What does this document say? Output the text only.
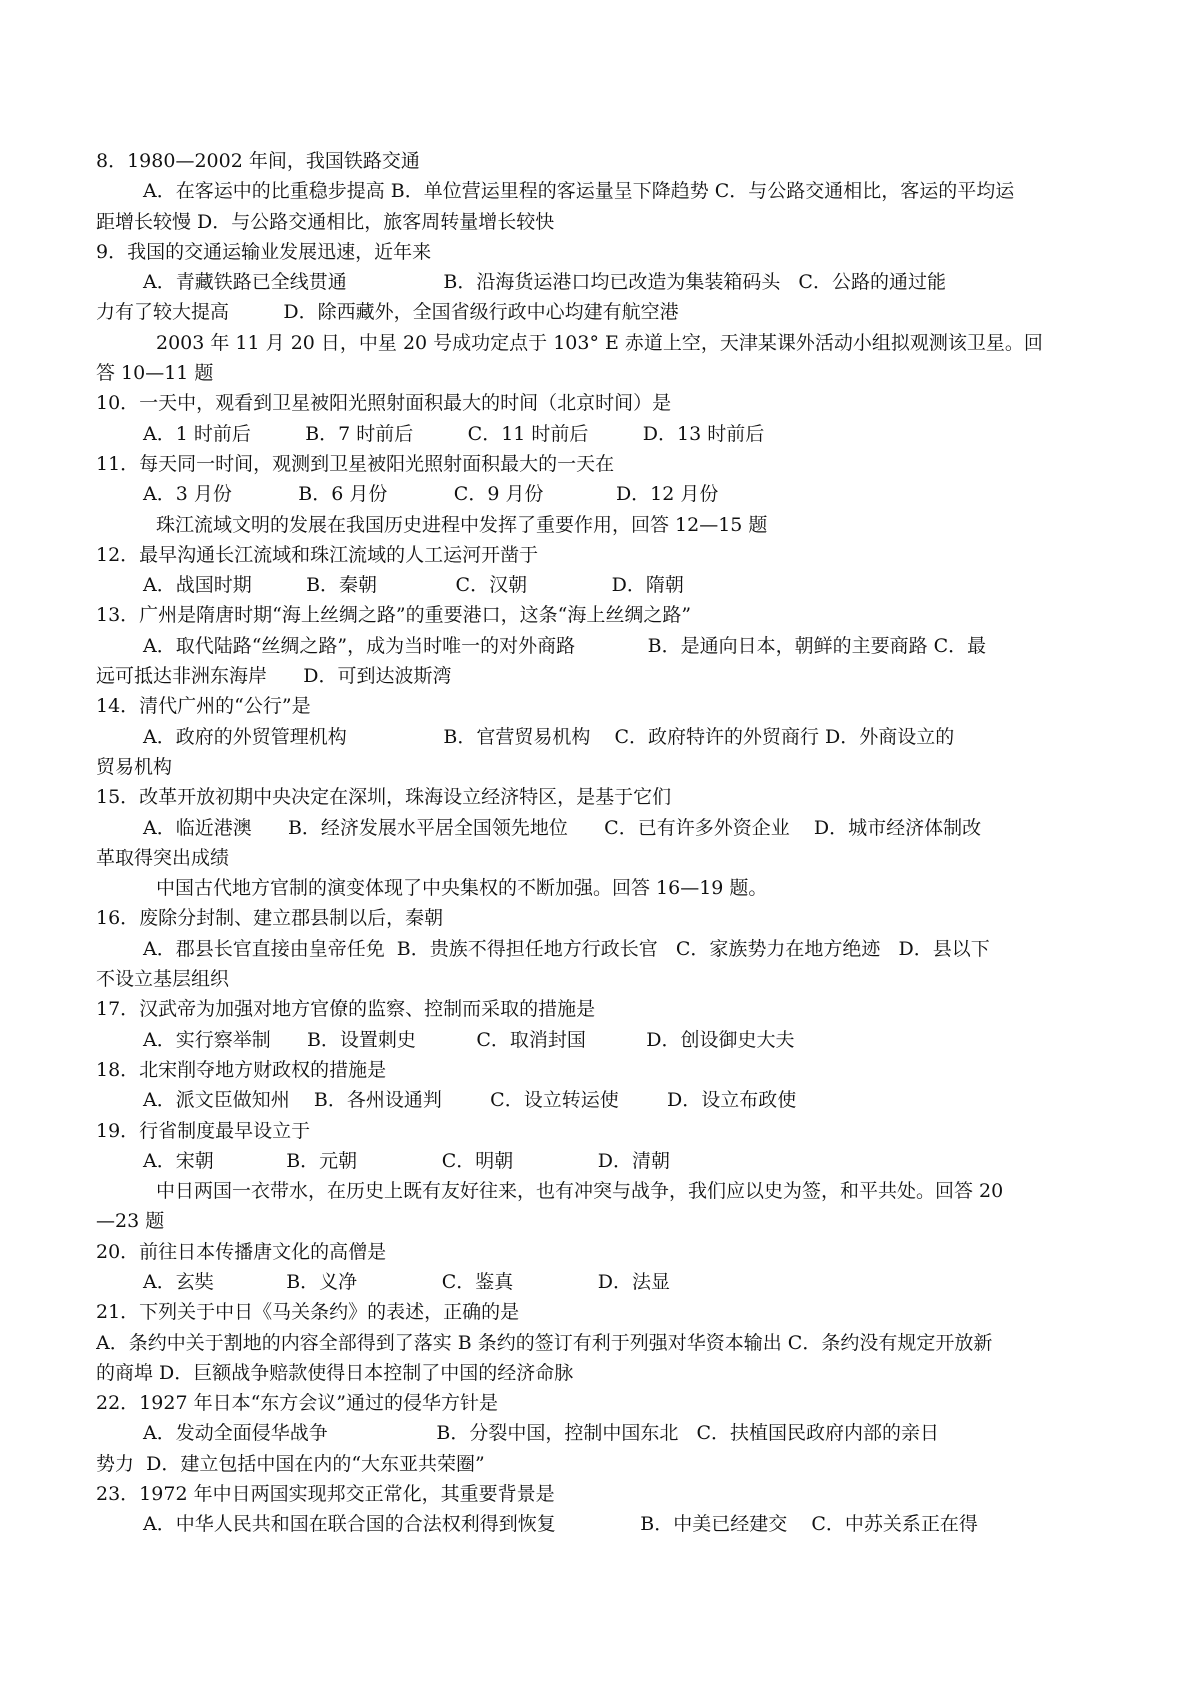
8．1980—2002 年间，我国铁路交通
A．在客运中的比重稳步提高 B．单位营运里程的客运量呈下降趋势 C．与公路交通相比，客运的平均运
距增长较慢 D．与公路交通相比，旅客周转量增长较快
9．我国的交通运输业发展迅速，近年来
A．青藏铁路已全线贯通                B．沿海货运港口均已改造为集装箱码头   C．公路的通过能
力有了较大提高         D．除西藏外，全国省级行政中心均建有航空港
2003 年 11 月 20 日，中星 20 号成功定点于 103° E 赤道上空，天津某课外活动小组拟观测该卫星。回
答 10—11 题
10．一天中，观看到卫星被阳光照射面积最大的时间（北京时间）是
A．1 时前后         B．7 时前后         C．11 时前后         D．13 时前后
11．每天同一时间，观测到卫星被阳光照射面积最大的一天在
A．3 月份           B．6 月份           C．9 月份            D．12 月份
珠江流域文明的发展在我国历史进程中发挥了重要作用，回答 12—15 题
12．最早沟通长江流域和珠江流域的人工运河开凿于
A．战国时期         B．秦朝             C．汉朝              D．隋朝
13．广州是隋唐时期“海上丝绸之路”的重要港口，这条“海上丝绸之路”
A．取代陆路“丝绸之路”，成为当时唯一的对外商路            B．是通向日本，朝鲜的主要商路 C．最
远可抵达非洲东海岸      D．可到达波斯湾
14．清代广州的“公行”是
A．政府的外贸管理机构                B．官营贸易机构    C．政府特许的外贸商行 D．外商设立的
贸易机构
15．改革开放初期中央决定在深圳，珠海设立经济特区，是基于它们
A．临近港澳      B．经济发展水平居全国领先地位      C．已有许多外资企业    D．城市经济体制改
革取得突出成绩
中国古代地方官制的演变体现了中央集权的不断加强。回答 16—19 题。
16．废除分封制、建立郡县制以后，秦朝
A．郡县长官直接由皇帝任免  B．贵族不得担任地方行政长官   C．家族势力在地方绝迹   D．县以下
不设立基层组织
17．汉武帝为加强对地方官僚的监察、控制而采取的措施是
A．实行察举制      B．设置刺史          C．取消封国          D．创设御史大夫
18．北宋削夺地方财政权的措施是
A．派文臣做知州    B．各州设通判        C．设立转运使        D．设立布政使
19．行省制度最早设立于
A．宋朝            B．元朝              C．明朝              D．清朝
中日两国一衣带水，在历史上既有友好往来，也有冲突与战争，我们应以史为签，和平共处。回答 20
—23 题
20．前往日本传播唐文化的高僧是
A．玄奘            B．义净              C．鉴真              D．法显
21．下列关于中日《马关条约》的表述，正确的是
A．条约中关于割地的内容全部得到了落实 B 条约的签订有利于列强对华资本输出 C．条约没有规定开放新
的商埠 D．巨额战争赔款使得日本控制了中国的经济命脉
22．1927 年日本“东方会议”通过的侵华方针是
A．发动全面侵华战争                  B．分裂中国，控制中国东北   C．扶植国民政府内部的亲日
势力  D．建立包括中国在内的“大东亚共荣圈”
23．1972 年中日两国实现邦交正常化，其重要背景是
A．中华人民共和国在联合国的合法权利得到恢复              B．中美已经建交    C．中苏关系正在得
